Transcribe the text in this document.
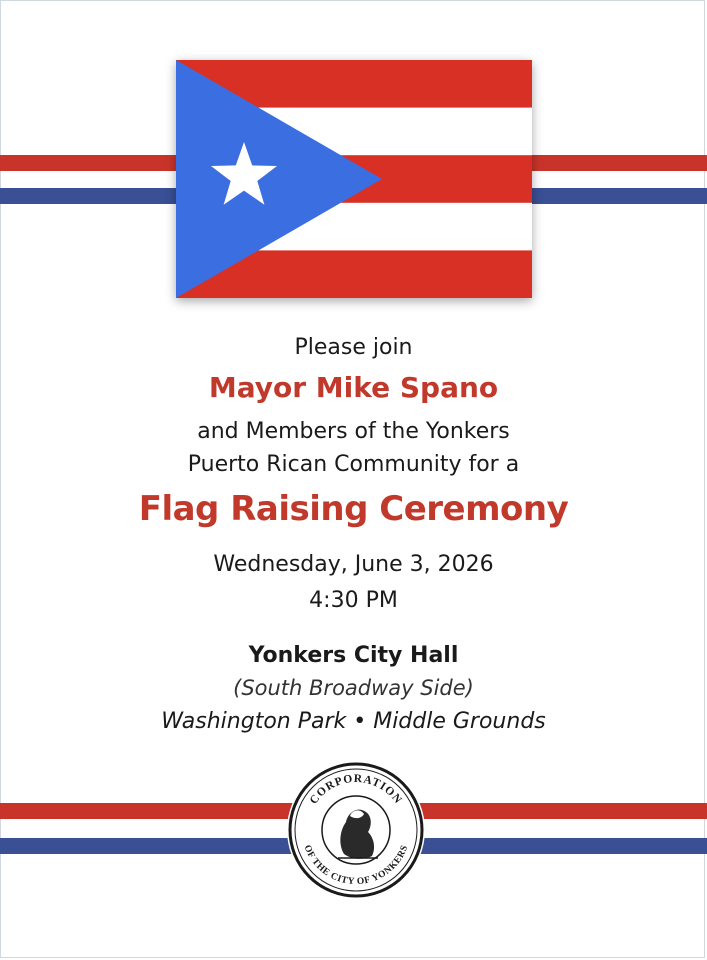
Please join
Mayor Mike Spano
and Members of the Yonkers
Puerto Rican Community for a
Flag Raising Ceremony
Wednesday, June 3, 2026
4:30 PM
Yonkers City Hall
(South Broadway Side)
Washington Park • Middle Grounds
CORPORATION
OF THE CITY OF YONKERS
